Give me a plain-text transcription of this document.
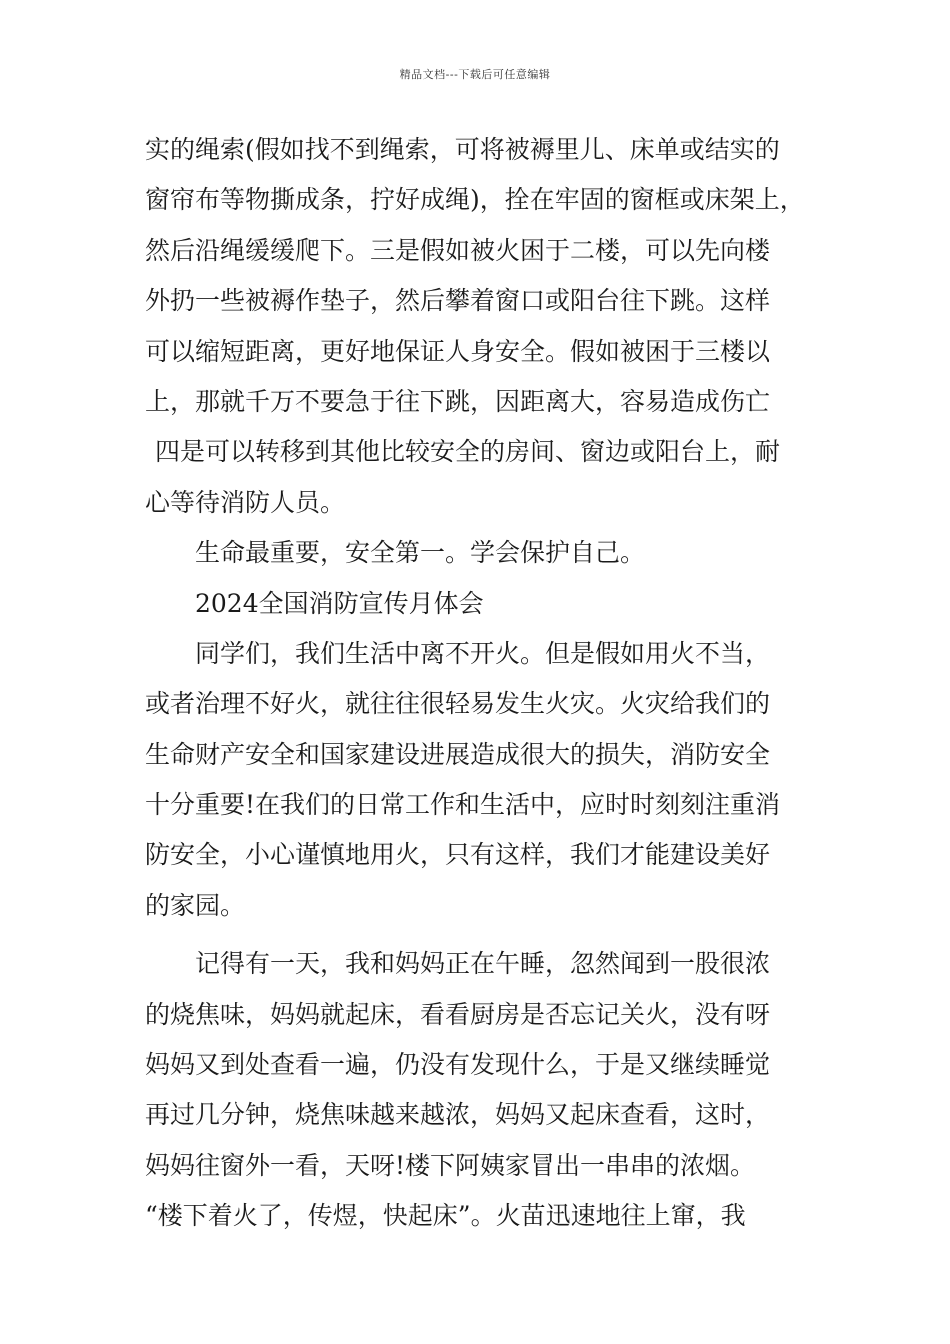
精品文档---下载后可任意编辑
实的绳索(假如找不到绳索，可将被褥里儿、床单或结实的
窗帘布等物撕成条，拧好成绳)，拴在牢固的窗框或床架上，
然后沿绳缓缓爬下。三是假如被火困于二楼，可以先向楼
外扔一些被褥作垫子，然后攀着窗口或阳台往下跳。这样
可以缩短距离，更好地保证人身安全。假如被困于三楼以
上，那就千万不要急于往下跳，因距离大，容易造成伤亡
四是可以转移到其他比较安全的房间、窗边或阳台上，耐
心等待消防人员。
生命最重要，安全第一。学会保护自己。
2024全国消防宣传月体会
同学们，我们生活中离不开火。但是假如用火不当，
或者治理不好火，就往往很轻易发生火灾。火灾给我们的
生命财产安全和国家建设进展造成很大的损失，消防安全
十分重要!在我们的日常工作和生活中，应时时刻刻注重消
防安全，小心谨慎地用火，只有这样，我们才能建设美好
的家园。
记得有一天，我和妈妈正在午睡，忽然闻到一股很浓
的烧焦味，妈妈就起床，看看厨房是否忘记关火，没有呀
妈妈又到处查看一遍，仍没有发现什么，于是又继续睡觉
再过几分钟，烧焦味越来越浓，妈妈又起床查看，这时，
妈妈往窗外一看，天呀!楼下阿姨家冒出一串串的浓烟。
“楼下着火了，传煜，快起床”。火苗迅速地往上窜，我
